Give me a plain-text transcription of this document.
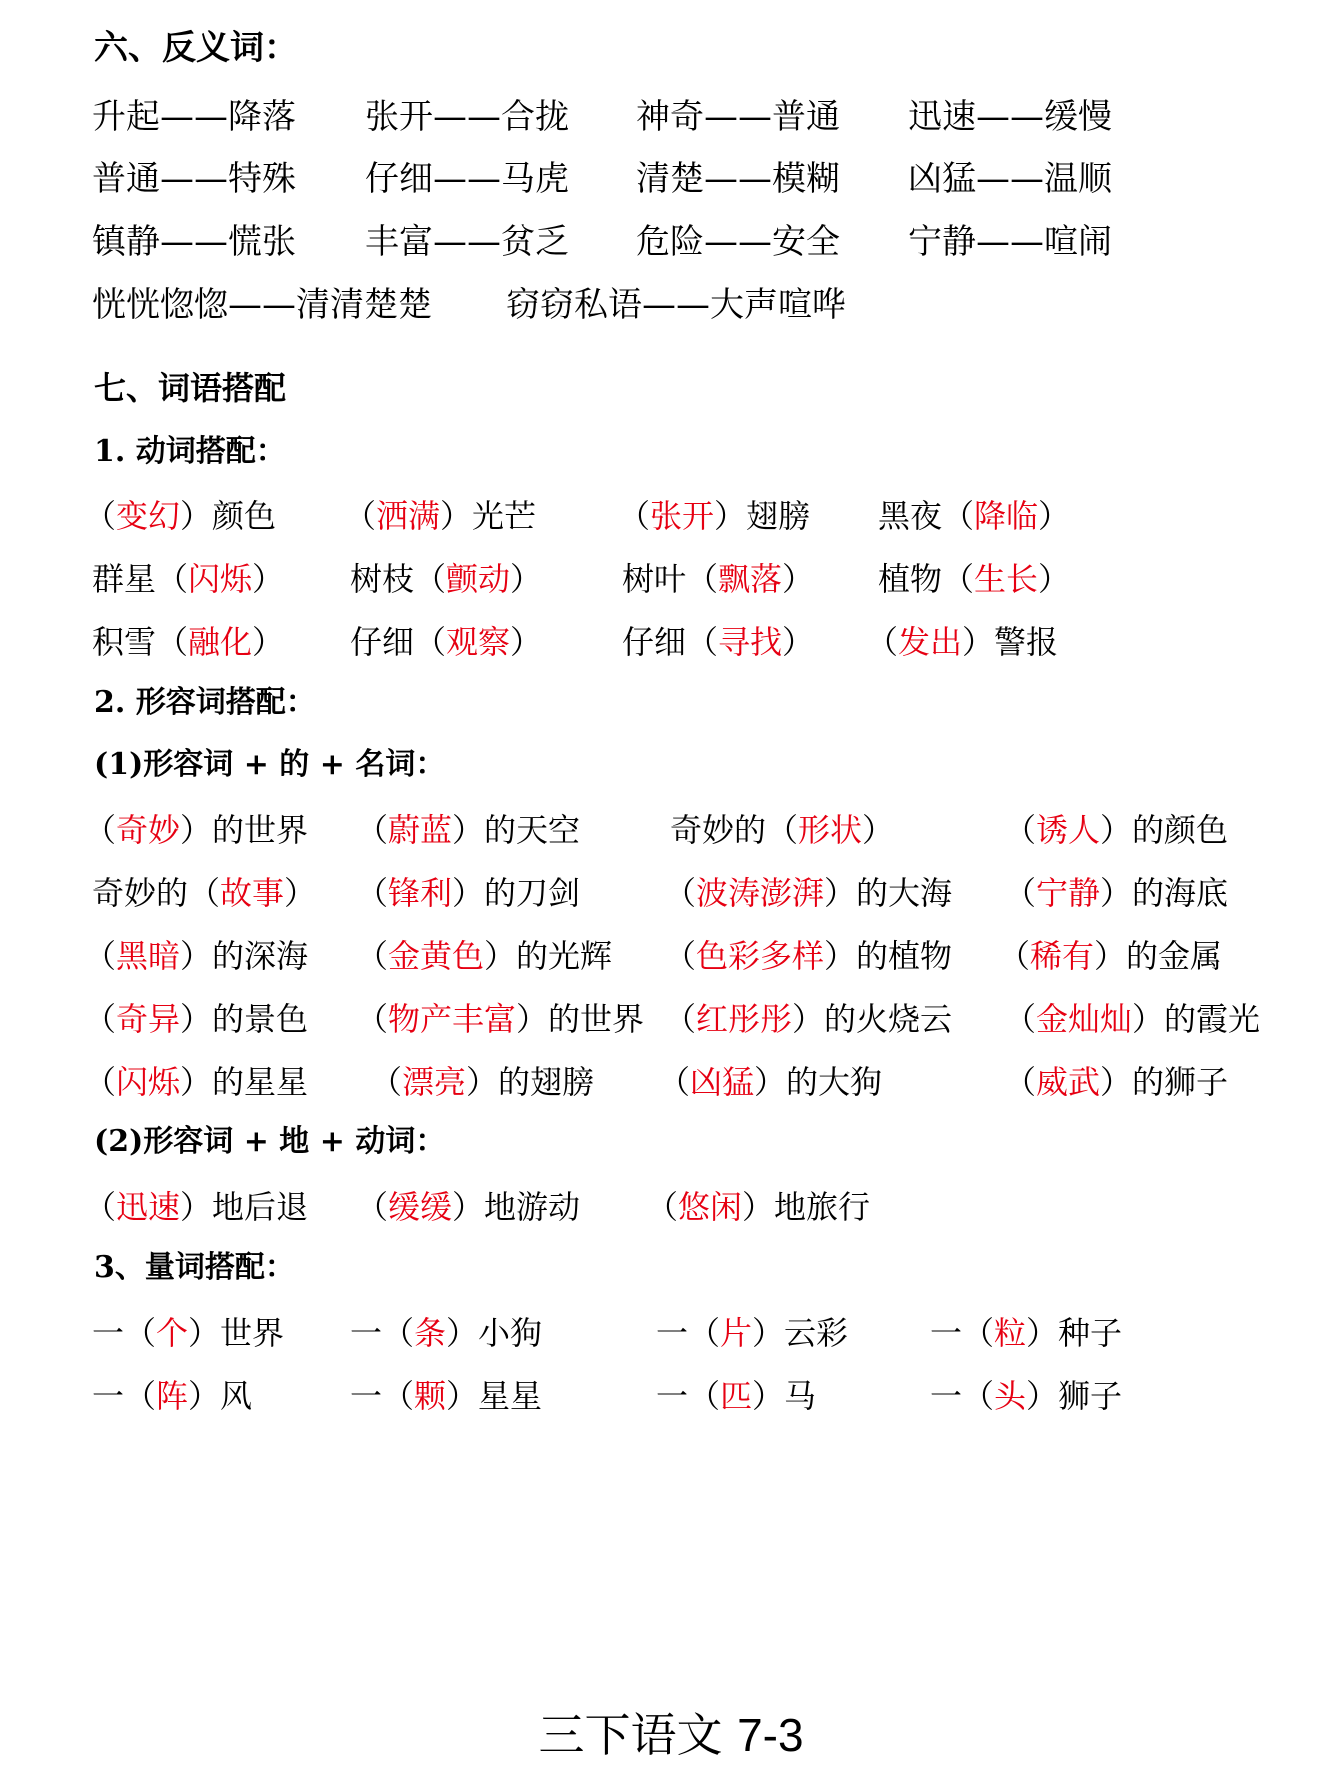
六、反义词：
升起——降落 张开——合拢 神奇——普通 迅速——缓慢
普通——特殊 仔细——马虎 清楚——模糊 凶猛——温顺
镇静——慌张 丰富——贫乏 危险——安全 宁静——喧闹
恍恍惚惚——清清楚楚 窃窃私语——大声喧哗
七、词语搭配
1. 动词搭配：
（变幻）颜色 （洒满）光芒	（张开）翅膀 黑夜（降临）
群星（闪烁） 树枝（颤动） 树叶（飘落） 植物（生长）
积雪（融化） 仔细（观察） 仔细（寻找） （发出）警报
2. 形容词搭配：
(1)形容词 + 的 + 名词：
（奇妙）的世界 （蔚蓝）的天空	奇妙的（形状）	（诱人）的颜色
奇妙的（故事） （锋利）的刀剑	（波涛澎湃）的大海 （宁静）的海底
（黑暗）的深海 （金黄色）的光辉 （色彩多样）的植物 （稀有）的金属
（奇异）的景色 （物产丰富）的世界 （红彤彤）的火烧云 （金灿灿）的霞光
（闪烁）的星星 （漂亮）的翅膀 （凶猛）的大狗	（威武）的狮子
(2)形容词 + 地 + 动词：
（迅速）地后退 （缓缓）地游动 （悠闲）地旅行
3、量词搭配：
一（个）世界 一（条）小狗	一（片）云彩	一（粒）种子
一（阵）风	一（颗）星星	一（匹）马	一（头）狮子
三下语文 7-3
